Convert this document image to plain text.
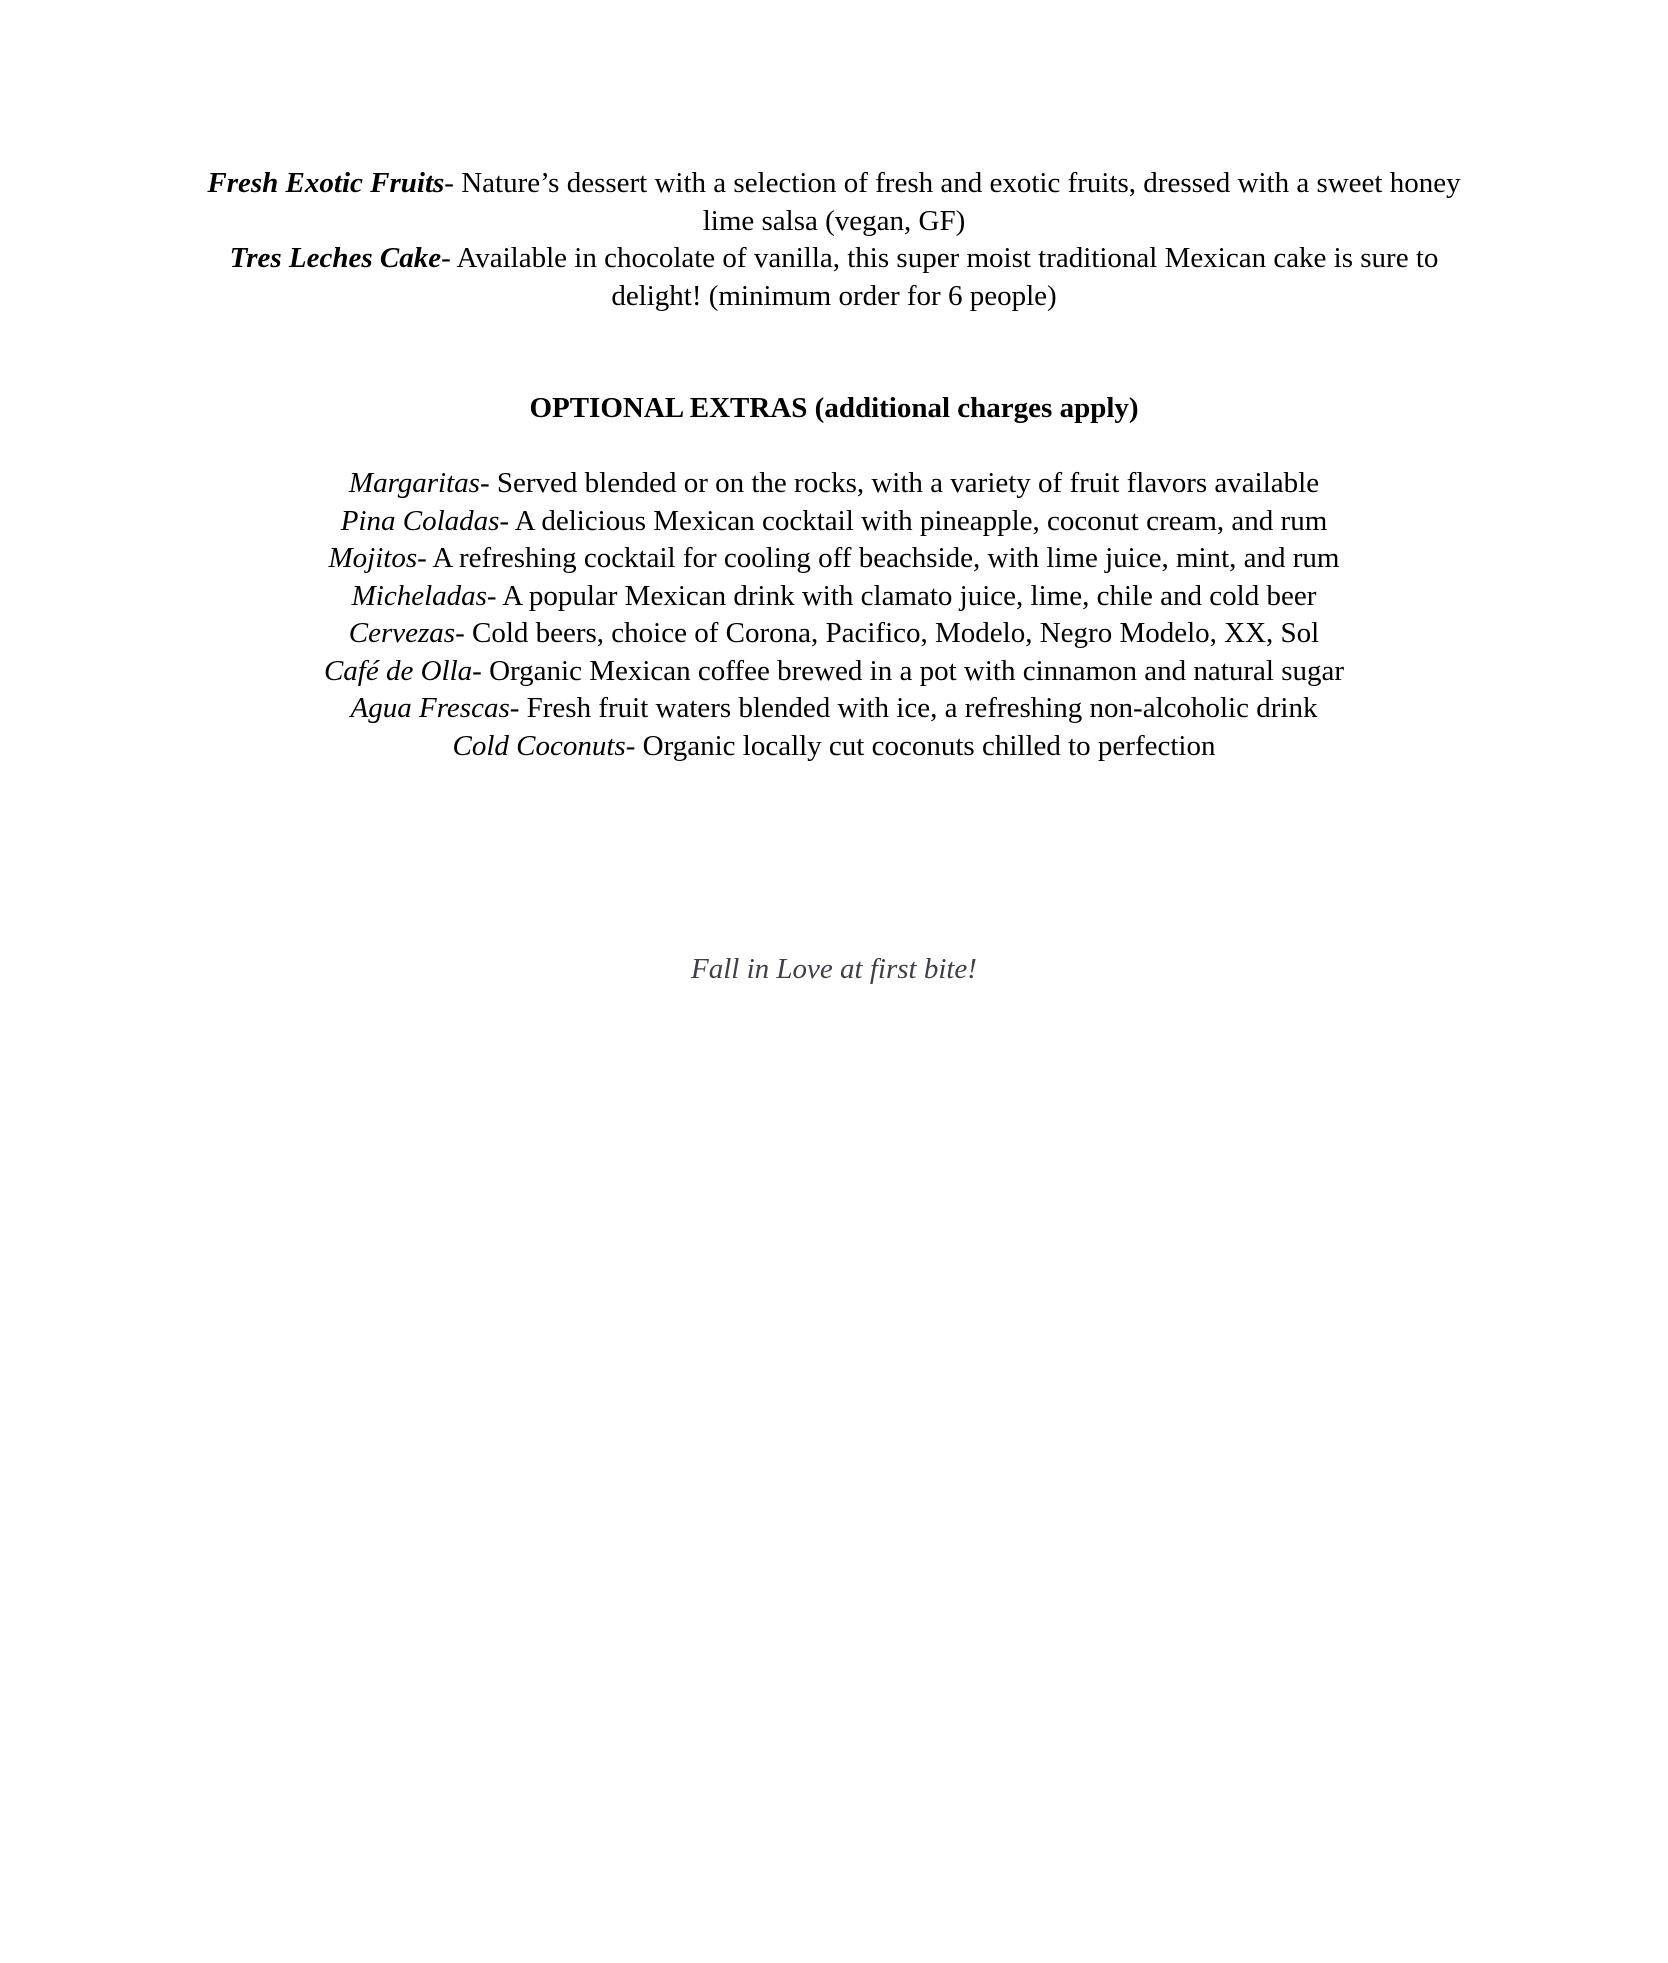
Fresh Exotic Fruits- Nature’s dessert with a selection of fresh and exotic fruits, dressed with a sweet honey lime salsa (vegan, GF)

Tres Leches Cake- Available in chocolate of vanilla, this super moist traditional Mexican cake is sure to delight! (minimum order for 6 people)

OPTIONAL EXTRAS (additional charges apply)

Margaritas- Served blended or on the rocks, with a variety of fruit flavors available

Pina Coladas- A delicious Mexican cocktail with pineapple, coconut cream, and rum

Mojitos- A refreshing cocktail for cooling off beachside, with lime juice, mint, and rum

Micheladas- A popular Mexican drink with clamato juice, lime, chile and cold beer

Cervezas- Cold beers, choice of Corona, Pacifico, Modelo, Negro Modelo, XX, Sol

Café de Olla- Organic Mexican coffee brewed in a pot with cinnamon and natural sugar

Agua Frescas- Fresh fruit waters blended with ice, a refreshing non-alcoholic drink

Cold Coconuts- Organic locally cut coconuts chilled to perfection

Fall in Love at first bite!
